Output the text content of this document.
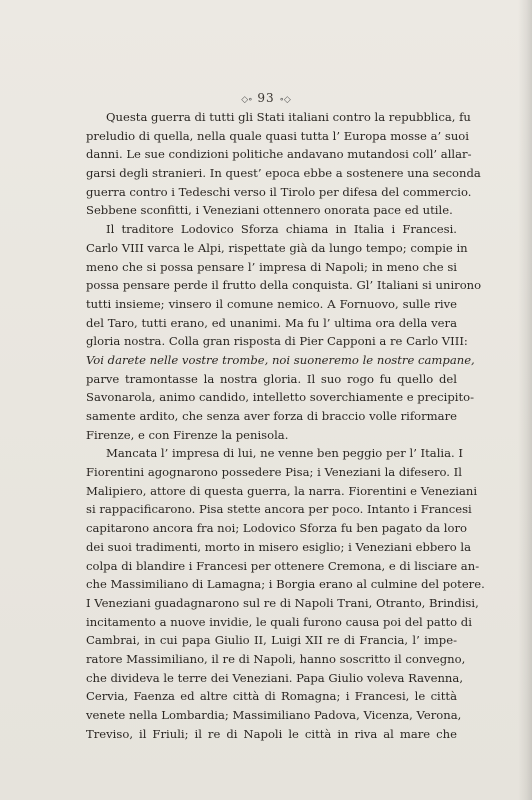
◇∘ 93 ∘◇
Questa guerra di tutti gli Stati italiani contro la repubblica, fu
preludio di quella, nella quale quasi tutta l’ Europa mosse a’ suoi
danni. Le sue condizioni politiche andavano mutandosi coll’ allar-
garsi degli stranieri. In quest’ epoca ebbe a sostenere una seconda
guerra contro i Tedeschi verso il Tirolo per difesa del commercio.
Sebbene sconfitti, i Veneziani ottennero onorata pace ed utile.
Il traditore Lodovico Sforza chiama in Italia i Francesi.
Carlo VIII varca le Alpi, rispettate già da lungo tempo; compie in
meno che si possa pensare l’ impresa di Napoli; in meno che si
possa pensare perde il frutto della conquista. Gl’ Italiani si unirono
tutti insieme; vinsero il comune nemico. A Fornuovo, sulle rive
del Taro, tutti erano, ed unanimi. Ma fu l’ ultima ora della vera
gloria nostra. Colla gran risposta di Pier Capponi a re Carlo VIII:
Voi darete nelle vostre trombe, noi suoneremo le nostre campane,
parve tramontasse la nostra gloria. Il suo rogo fu quello del
Savonarola, animo candido, intelletto soverchiamente e precipito-
samente ardito, che senza aver forza di braccio volle riformare
Firenze, e con Firenze la penisola.
Mancata l’ impresa di lui, ne venne ben peggio per l’ Italia. I
Fiorentini agognarono possedere Pisa; i Veneziani la difesero. Il
Malipiero, attore di questa guerra, la narra. Fiorentini e Veneziani
si rappacificarono. Pisa stette ancora per poco. Intanto i Francesi
capitarono ancora fra noi; Lodovico Sforza fu ben pagato da loro
dei suoi tradimenti, morto in misero esiglio; i Veneziani ebbero la
colpa di blandire i Francesi per ottenere Cremona, e di lisciare an-
che Massimiliano di Lamagna; i Borgia erano al culmine del potere.
I Veneziani guadagnarono sul re di Napoli Trani, Otranto, Brindisi,
incitamento a nuove invidie, le quali furono causa poi del patto di
Cambrai, in cui papa Giulio II, Luigi XII re di Francia, l’ impe-
ratore Massimiliano, il re di Napoli, hanno soscritto il convegno,
che divideva le terre dei Veneziani. Papa Giulio voleva Ravenna,
Cervia, Faenza ed altre città di Romagna; i Francesi, le città
venete nella Lombardia; Massimiliano Padova, Vicenza, Verona,
Treviso, il Friuli; il re di Napoli le città in riva al mare che
